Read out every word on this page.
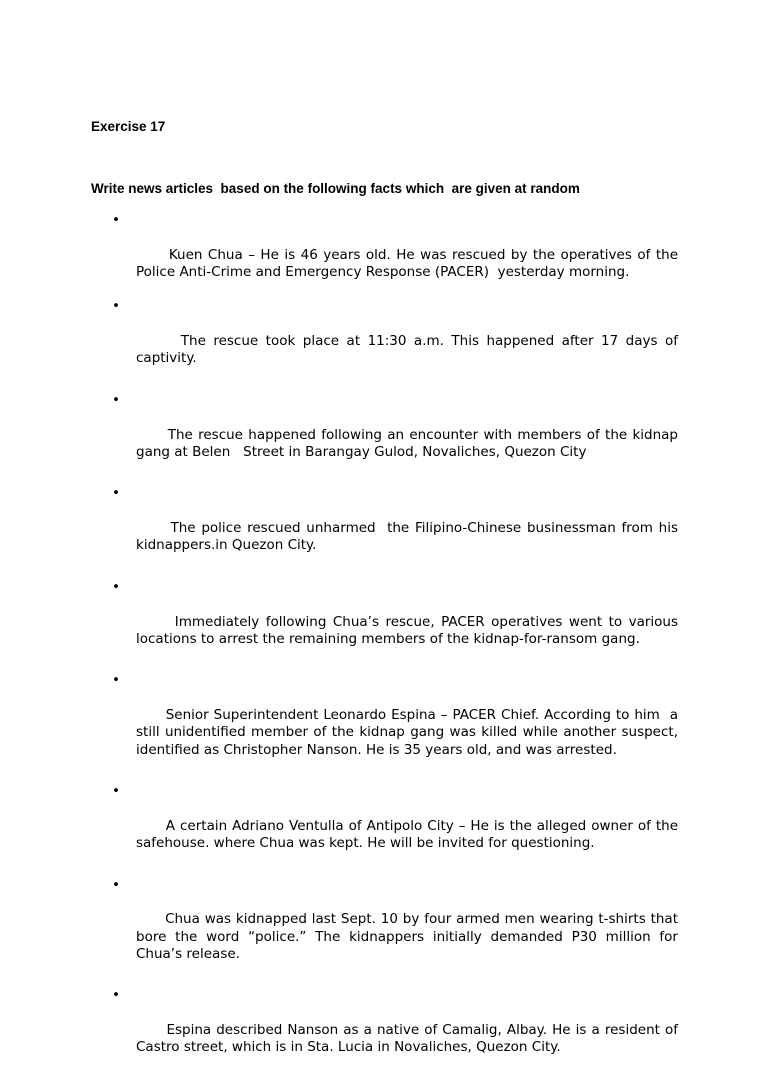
Exercise 17
Write news articles  based on the following facts which  are given at random

•

Kuen Chua – He is 46 years old. He was rescued by the operatives of the Police Anti-Crime and Emergency Response (PACER)  yesterday morning.

•

The rescue took place at 11:30 a.m. This happened after 17 days of captivity.

•

The rescue happened following an encounter with members of the kidnap gang at Belen   Street in Barangay Gulod, Novaliches, Quezon City

•

The police rescued unharmed  the Filipino-Chinese businessman from his kidnappers.in Quezon City.

•

Immediately following Chua’s rescue, PACER operatives went to various locations to arrest the remaining members of the kidnap-for-ransom gang.

•

Senior Superintendent Leonardo Espina – PACER Chief. According to him  a still unidentified member of the kidnap gang was killed while another suspect, identified as Christopher Nanson. He is 35 years old, and was arrested.

•

A certain Adriano Ventulla of Antipolo City – He is the alleged owner of the safehouse. where Chua was kept. He will be invited for questioning.

•

Chua was kidnapped last Sept. 10 by four armed men wearing t-shirts that bore the word “police.” The kidnappers initially demanded P30 million for Chua’s release.

•

Espina described Nanson as a native of Camalig, Albay. He is a resident of Castro street, which is in Sta. Lucia in Novaliches, Quezon City.
